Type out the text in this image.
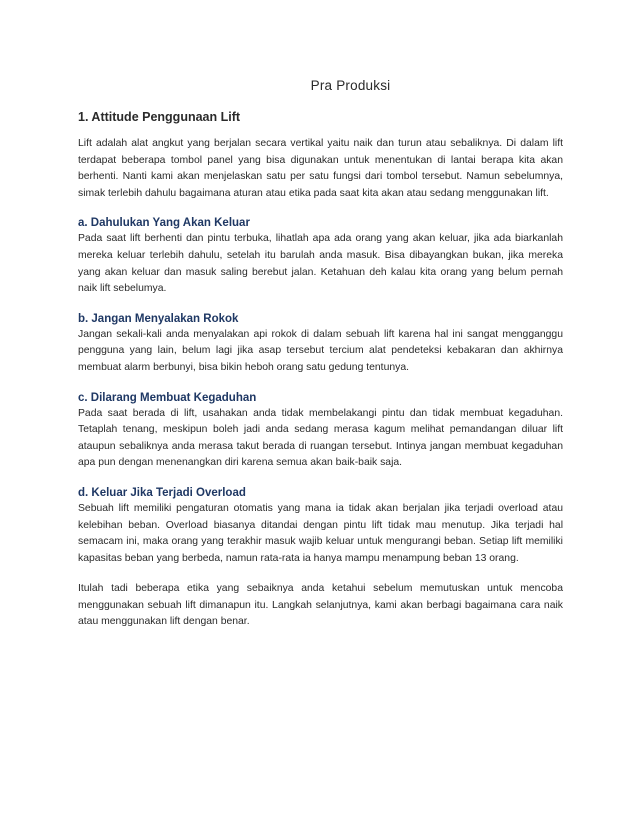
Pra Produksi
1. Attitude Penggunaan Lift

Lift adalah alat angkut yang berjalan secara vertikal yaitu naik dan turun atau sebaliknya. Di dalam lift terdapat beberapa tombol panel yang bisa digunakan untuk menentukan di lantai berapa kita akan berhenti. Nanti kami akan menjelaskan satu per satu fungsi dari tombol tersebut. Namun sebelumnya, simak terlebih dahulu bagaimana aturan atau etika pada saat kita akan atau sedang menggunakan lift.

a. Dahulukan Yang Akan Keluar

Pada saat lift berhenti dan pintu terbuka, lihatlah apa ada orang yang akan keluar, jika ada biarkanlah mereka keluar terlebih dahulu, setelah itu barulah anda masuk. Bisa dibayangkan bukan, jika mereka yang akan keluar dan masuk saling berebut jalan. Ketahuan deh kalau kita orang yang belum pernah naik lift sebelumya.

b. Jangan Menyalakan Rokok

Jangan sekali-kali anda menyalakan api rokok di dalam sebuah lift karena hal ini sangat mengganggu pengguna yang lain, belum lagi jika asap tersebut tercium alat pendeteksi kebakaran dan akhirnya membuat alarm berbunyi, bisa bikin heboh orang satu gedung tentunya.

c. Dilarang Membuat Kegaduhan

Pada saat berada di lift, usahakan anda tidak membelakangi pintu dan tidak membuat kegaduhan. Tetaplah tenang, meskipun boleh jadi anda sedang merasa kagum melihat pemandangan diluar lift ataupun sebaliknya anda merasa takut berada di ruangan tersebut. Intinya jangan membuat kegaduhan apa pun dengan menenangkan diri karena semua akan baik-baik saja.

d. Keluar Jika Terjadi Overload

Sebuah lift memiliki pengaturan otomatis yang mana ia tidak akan berjalan jika terjadi overload atau kelebihan beban. Overload biasanya ditandai dengan pintu lift tidak mau menutup. Jika terjadi hal semacam ini, maka orang yang terakhir masuk wajib keluar untuk mengurangi beban. Setiap lift memiliki kapasitas beban yang berbeda, namun rata-rata ia hanya mampu menampung beban 13 orang.

Itulah tadi beberapa etika yang sebaiknya anda ketahui sebelum memutuskan untuk mencoba menggunakan sebuah lift dimanapun itu. Langkah selanjutnya, kami akan berbagi bagaimana cara naik atau menggunakan lift dengan benar.
